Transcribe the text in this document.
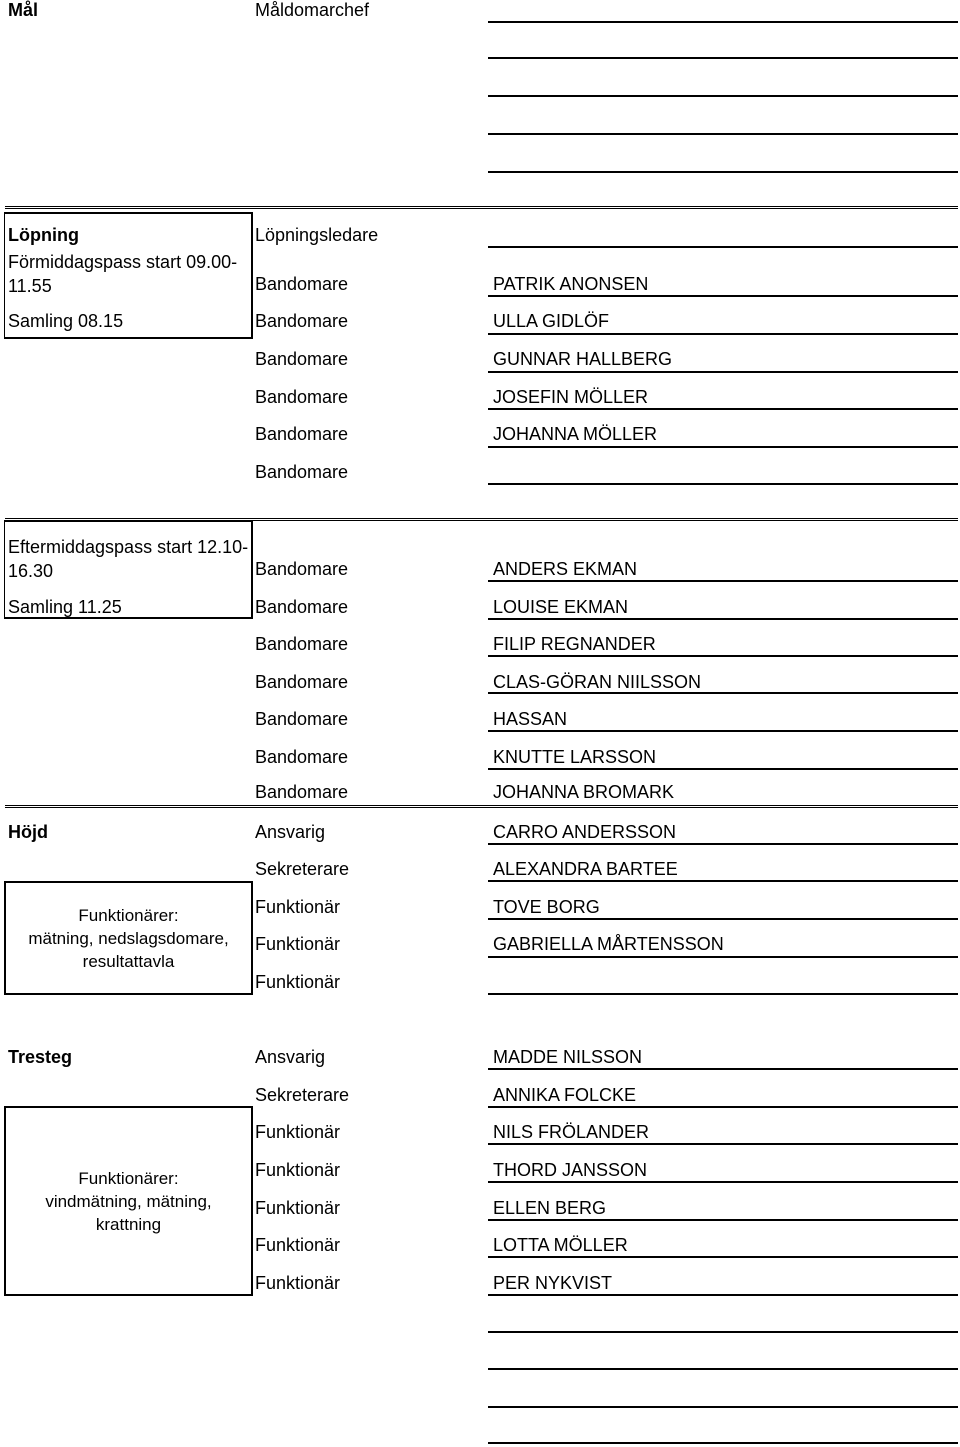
Mål	Måldomarchef
Löpning	Löpningsledare
Förmiddagspass start 09.00-11.55
Samling 08.15
Bandomare	PATRIK ANONSEN
Bandomare	ULLA GIDLÖF
Bandomare	GUNNAR HALLBERG
Bandomare	JOSEFIN MÖLLER
Bandomare	JOHANNA MÖLLER
Bandomare
Eftermiddagspass start 12.10-16.30
Samling 11.25
Bandomare	ANDERS EKMAN
Bandomare	LOUISE EKMAN
Bandomare	FILIP REGNANDER
Bandomare	CLAS-GÖRAN NIILSSON
Bandomare	HASSAN
Bandomare	KNUTTE LARSSON
Bandomare	JOHANNA BROMARK
Höjd	Ansvarig	CARRO ANDERSSON
Sekreterare	ALEXANDRA BARTEE
Funktionärer:
mätning, nedslagsdomare, resultattavla
Funktionär	TOVE BORG
Funktionär	GABRIELLA MÅRTENSSON
Funktionär
Tresteg	Ansvarig	MADDE NILSSON
Sekreterare	ANNIKA FOLCKE
Funktionärer:
vindmätning, mätning, krattning
Funktionär	NILS FRÖLANDER
Funktionär	THORD JANSSON
Funktionär	ELLEN BERG
Funktionär	LOTTA MÖLLER
Funktionär	PER NYKVIST
